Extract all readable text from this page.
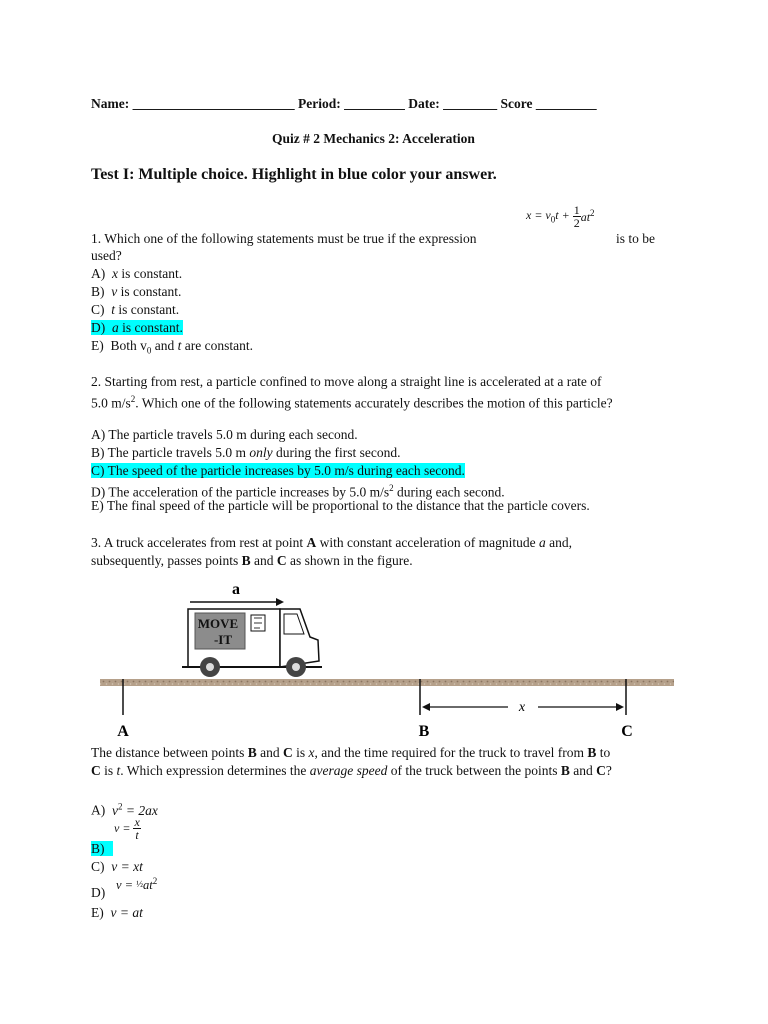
Name: ________________________ Period: _________ Date: ________ Score _________
Quiz # 2 Mechanics 2: Acceleration
Test I: Multiple choice. Highlight in blue color your answer.
$x = v_0t + \frac{1}{2} at^2$
1. Which one of the following statements must be true if the expression	is to be
used?
A) x is constant.
B) v is constant.
C) t is constant.
D) a is constant.
E) Both $v_0$ and t are constant.
2. Starting from rest, a particle confined to move along a straight line is accelerated at a rate of
5.0 $m/s^2$. Which one of the following statements accurately describes the motion of this particle?
A) The particle travels 5.0 m during each second.
B) The particle travels 5.0 m only during the first second.
C) The speed of the particle increases by 5.0 m/s during each second.
D) The acceleration of the particle increases by 5.0 $m/s^2$ during each second.
E) The final speed of the particle will be proportional to the distance that the particle covers.
3. A truck accelerates from rest at point A with constant acceleration of magnitude a and,
subsequently, passes points B and C as shown in the figure.
a
MOVE
-IT
x
A	B	C
The distance between points B and C is x, and the time required for the truck to travel from B to
C is t. Which expression determines the average speed of the truck between the points B and C?
A) $v^2 = 2ax$
$v = \frac{x}{t}$
B)
C) v = xt
D) $v = \frac{1}{2}at^2$
E) v = at
